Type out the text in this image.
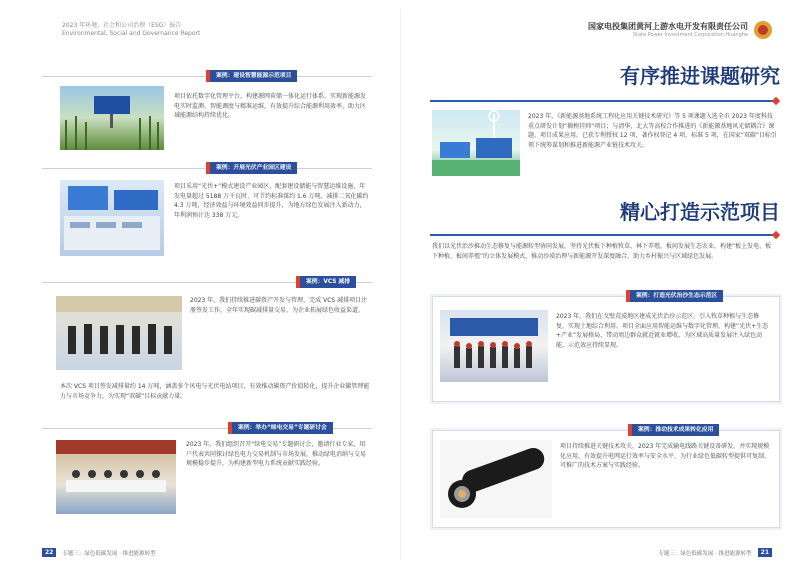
2023 年环境、社会和公司治理（ESG）报告
Environmental, Social and Governance Report
国家电投集团黄河上游水电开发有限责任公司
State Power Investment Corporation Huanghe
有序推进课题研究
2023 年，《新能源基地系统工程化应用关键技术研究》等 5 项课题入选全市 2023 年度科技重点研发计划“揭榜挂帅”项目；与清华、北大等高校合作推进的《新能源基地风光储耦合》课题、项目成果应用。已获专利授权 12 项，著作权登记 4 项，标准 5 项，在国家“双碳”目标引领下统筹谋划和推进新能源产业链技术攻关。
精心打造示范项目
我们以光伏治沙推动生态修复与能源转型协同发展，坚持光伏板下种植牧草、林下养殖，板间发展生态农业，构建“板上发电、板下种植、板间养殖”的立体发展模式，推动沙漠治理与新能源开发深度融合，助力乡村振兴与区域绿色发展。
案例：打造光伏治沙生态示范区
2023 年，我们在戈壁荒漠地区建成光伏治沙示范区，引入牧草种植与生态修复，实现土地综合利用。项目全面应用智能运维与数字化管理，构建“光伏+生态+产业”发展格局，带动周边群众就近就业增收，为区域高质量发展注入绿色动能，示范效应持续显现。
案例：推动技术成果转化应用
项目持续推进关键技术攻关，2023 年完成输电线路关键设备研发，并实现规模化应用，有效提升电网运行效率与安全水平，为行业绿色低碳转型提供可复制、可推广的技术方案与实践经验。
专题三：绿色低碳发展 · 推进能源转型	21
案例：建设智慧能源示范项目
项目依托数字化管理平台，构建源网荷储一体化运行体系，实现新能源发电实时监测、智能调度与精准运维，有效提升综合能源利用效率，助力区域能源结构持续优化。
案例：开展光伏产业园区建设
项目采用“光伏+”模式建设产业园区，配套建设储能与智慧运维设施，年发电量超过 5188 万千瓦时，可节约标准煤约 1.6 万吨，减排二氧化碳约 4.3 万吨，经济效益与环境效益同步提升，为地方绿色发展注入新动力，年利润预计达 338 万元。
案例：VCS 减排
2023 年，我们持续推进碳资产开发与管理，完成 VCS 减排项目注册签发工作，全年实现碳减排量交易，为企业拓展绿色收益渠道。
本次 VCS 项目签发减排量约 14 万吨，涵盖多个风电与光伏电站项目，有效推动碳资产价值转化，提升企业碳管理能力与市场竞争力，为实现“双碳”目标贡献力量。
案例：举办“绿电交易”专题研讨会
2023 年，我们组织召开“绿电交易”专题研讨会，邀请行业专家、用户代表共同探讨绿色电力交易机制与市场发展，推动绿电消纳与交易规模稳步提升，为构建新型电力系统贡献实践经验。
22	专题三：绿色低碳发展 · 推进能源转型
